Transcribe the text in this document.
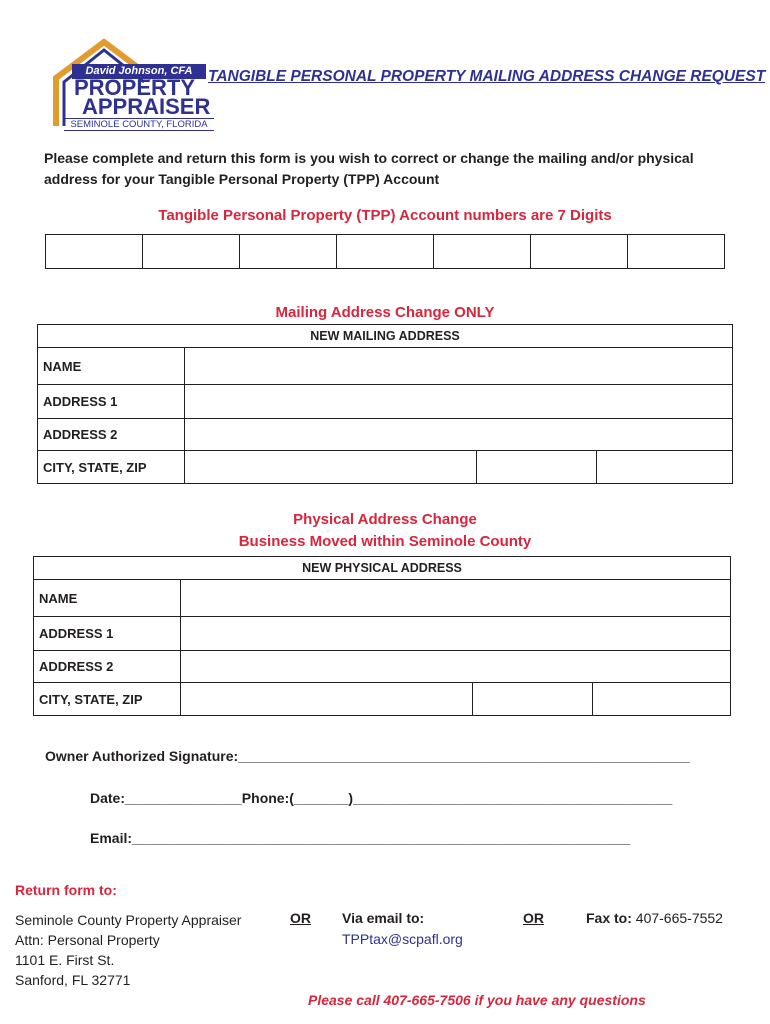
David Johnson, CFA
PROPERTY
APPRAISER
SEMINOLE COUNTY, FLORIDA
TANGIBLE PERSONAL PROPERTY MAILING ADDRESS CHANGE REQUEST
Please complete and return this form is you wish to correct or change the mailing and/or physical address for your Tangible Personal Property (TPP) Account
Tangible Personal Property (TPP) Account numbers are 7 Digits
Mailing Address Change ONLY
NEW MAILING ADDRESS			
NAME			
ADDRESS 1			
ADDRESS 2			
CITY, STATE, ZIP			
Physical Address Change
Business Moved within Seminole County
NEW PHYSICAL ADDRESS			
NAME			
ADDRESS 1			
ADDRESS 2			
CITY, STATE, ZIP			
Owner Authorized Signature:__________________________________________________________
Date:_______________Phone:(_______)_________________________________________
Email:________________________________________________________________
Return form to:
Seminole County Property Appraiser
Attn: Personal Property
1101 E. First St.
Sanford, FL 32771
OR Via email to:
TPPtax@scpafl.org
OR	Fax to: 407-665-7552
Please call 407-665-7506 if you have any questions
